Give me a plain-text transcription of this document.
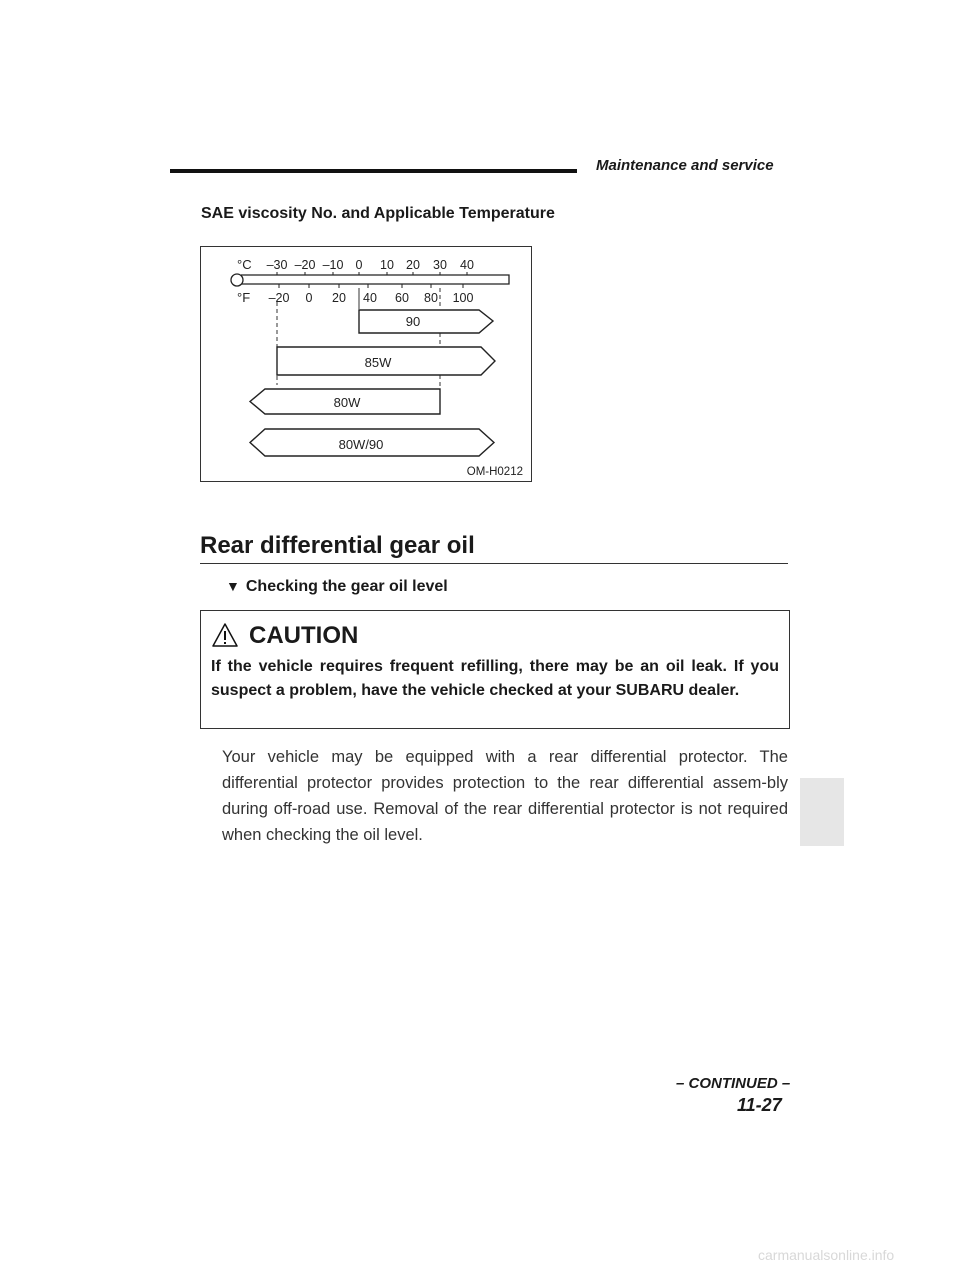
Maintenance and service
SAE viscosity No. and Applicable Temperature
°C
°F
–30 –20 –10 0 10 20 30 40
–20 0 20 40 60 80 100
90
85W
80W
80W/90
OM-H0212
Rear differential gear oil
▼ Checking the gear oil level
CAUTION
If the vehicle requires frequent refilling, there may be an oil leak. If you suspect a problem, have the vehicle checked at your SUBARU dealer.
Your vehicle may be equipped with a rear differential protector. The differential protector provides protection to the rear differential assem-bly during off-road use. Removal of the rear differential protector is not required when checking the oil level.
– CONTINUED –
11-27
carmanualsonline.info
